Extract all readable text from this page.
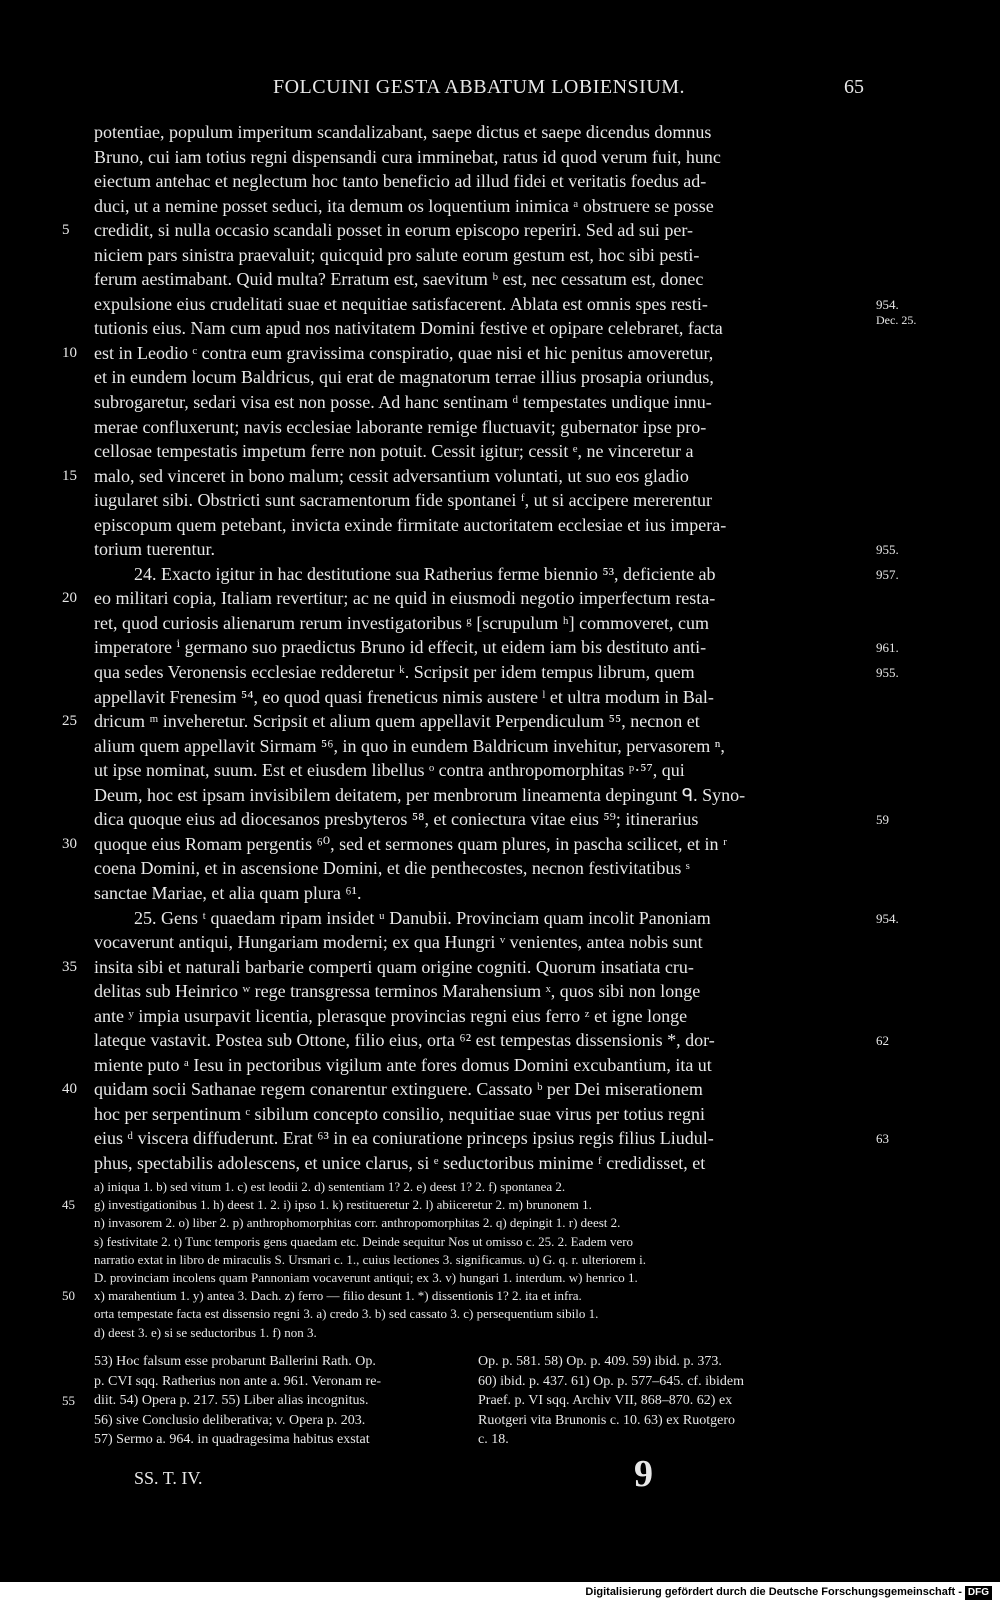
FOLCUINI GESTA ABBATUM LOBIENSIUM.	65
potentiae, populum imperitum scandalizabant, saepe dictus et saepe dicendus domnus
Bruno, cui iam totius regni dispensandi cura imminebat, ratus id quod verum fuit, hunc
eiectum antehac et neglectum hoc tanto beneficio ad illud fidei et veritatis foedus ad-
duci, ut a nemine posset seduci, ita demum os loquentium inimica ᵃ obstruere se posse
5	credidit, si nulla occasio scandali posset in eorum episcopo reperiri. Sed ad sui per-
niciem pars sinistra praevaluit; quicquid pro salute eorum gestum est, hoc sibi pesti-
ferum aestimabant. Quid multa? Erratum est, saevitum ᵇ est, nec cessatum est, donec
expulsione eius crudelitati suae et nequitiae satisfacerent. Ablata est omnis spes resti-	954.
tutionis eius. Nam cum apud nos nativitatem Domini festive et opipare celebraret, facta	Dec. 25.
10 est in Leodio ᶜ contra eum gravissima conspiratio, quae nisi et hic penitus amoveretur,
et in eundem locum Baldricus, qui erat de magnatorum terrae illius prosapia oriundus,
subrogaretur, sedari visa est non posse. Ad hanc sentinam ᵈ tempestates undique innu-
merae confluxerunt; navis ecclesiae laborante remige fluctuavit; gubernator ipse pro-
cellosae tempestatis impetum ferre non potuit. Cessit igitur; cessit ᵉ, ne vinceretur a
15 malo, sed vinceret in bono malum; cessit adversantium voluntati, ut suo eos gladio
iugularet sibi. Obstricti sunt sacramentorum fide spontanei ᶠ, ut si accipere mererentur
episcopum quem petebant, invicta exinde firmitate auctoritatem ecclesiae et ius impera-
torium tuerentur.	955.
24. Exacto igitur in hac destitutione sua Ratherius ferme biennio ⁵³, deficiente ab	957.
20 eo militari copia, Italiam revertitur; ac ne quid in eiusmodi negotio imperfectum resta-
ret, quod curiosis alienarum rerum investigatoribus ᵍ [scrupulum ʰ] commoveret, cum
imperatore ⁱ germano suo praedictus Bruno id effecit, ut eidem iam bis destituto anti-	961.
qua sedes Veronensis ecclesiae redderetur ᵏ. Scripsit per idem tempus librum, quem	955.
appellavit Frenesim ⁵⁴, eo quod quasi freneticus nimis austere ˡ et ultra modum in Bal-
25 dricum ᵐ inveheretur. Scripsit et alium quem appellavit Perpendiculum ⁵⁵, necnon et
alium quem appellavit Sirmam ⁵⁶, in quo in eundem Baldricum invehitur, pervasorem ⁿ,
ut ipse nominat, suum. Est et eiusdem libellus ᵒ contra anthropomorphitas ᵖ·⁵⁷, qui
Deum, hoc est ipsam invisibilem deitatem, per menbrorum lineamenta depingunt ᑫ. Syno-
dica quoque eius ad diocesanos presbyteros ⁵⁸, et coniectura vitae eius ⁵⁹; itinerarius	59
30 quoque eius Romam pergentis ⁶⁰, sed et sermones quam plures, in pascha scilicet, et in ʳ
coena Domini, et in ascensione Domini, et die penthecostes, necnon festivitatibus ˢ
sanctae Mariae, et alia quam plura ⁶¹.
25. Gens ᵗ quaedam ripam insidet ᵘ Danubii. Provinciam quam incolit Panoniam	954.
vocaverunt antiqui, Hungariam moderni; ex qua Hungri ᵛ venientes, antea nobis sunt
35 insita sibi et naturali barbarie comperti quam origine cogniti. Quorum insatiata cru-
delitas sub Heinrico ʷ rege transgressa terminos Marahensium ˣ, quos sibi non longe
ante ʸ impia usurpavit licentia, plerasque provincias regni eius ferro ᶻ et igne longe
lateque vastavit. Postea sub Ottone, filio eius, orta ⁶² est tempestas dissensionis *, dor-	62
miente puto ᵃ Iesu in pectoribus vigilum ante fores domus Domini excubantium, ita ut
40 quidam socii Sathanae regem conarentur extinguere. Cassato ᵇ per Dei miserationem
hoc per serpentinum ᶜ sibilum concepto consilio, nequitiae suae virus per totius regni
eius ᵈ viscera diffuderunt. Erat ⁶³ in ea coniuratione princeps ipsius regis filius Liudul-	63
phus, spectabilis adolescens, et unice clarus, si ᵉ seductoribus minime ᶠ credidisset, et
a) iniqua 1. b) sed vitum 1. c) est leodii 2. d) sententiam 1? 2. e) deest 1? 2. f) spontanea 2.
45	g) investigationibus 1. h) deest 1. 2. i) ipso 1. k) restitueretur 2. l) abiiceretur 2. m) brunonem 1.
n) invasorem 2. o) liber 2. p) anthrophomorphitas corr. anthropomorphitas 2. q) depingit 1. r) deest 2.
s) festivitate 2. t) Tunc temporis gens quaedam etc. Deinde sequitur Nos ut omisso c. 25. 2. Eadem vero
narratio extat in libro de miraculis S. Ursmari c. 1., cuius lectiones 3. significamus. u) G. q. r. ulteriorem i.
D. provinciam incolens quam Pannoniam vocaverunt antiqui; ex 3. v) hungari 1. interdum. w) henrico 1.
50	x) marahentium 1. y) antea 3. Dach. z) ferro — filio desunt 1. *) dissentionis 1? 2. ita et infra.
orta tempestate facta est dissensio regni 3. a) credo 3. b) sed cassato 3. c) persequentium sibilo 1.
d) deest 3. e) si se seductoribus 1. f) non 3.
53) Hoc falsum esse probarunt Ballerini Rath. Op.	Op. p. 581. 58) Op. p. 409. 59) ibid. p. 373.
p. CVI sqq. Ratherius non ante a. 961. Veronam re-	60) ibid. p. 437. 61) Op. p. 577–645. cf. ibidem
55	diit. 54) Opera p. 217. 55) Liber alias incognitus.	Praef. p. VI sqq. Archiv VII, 868–870. 62) ex
56) sive Conclusio deliberativa; v. Opera p. 203.	Ruotgeri vita Brunonis c. 10. 63) ex Ruotgero
57) Sermo a. 964. in quadragesima habitus exstat	c. 18.
SS. T. IV.	9
Digitalisierung gefördert durch die Deutsche Forschungsgemeinschaft - DFG
